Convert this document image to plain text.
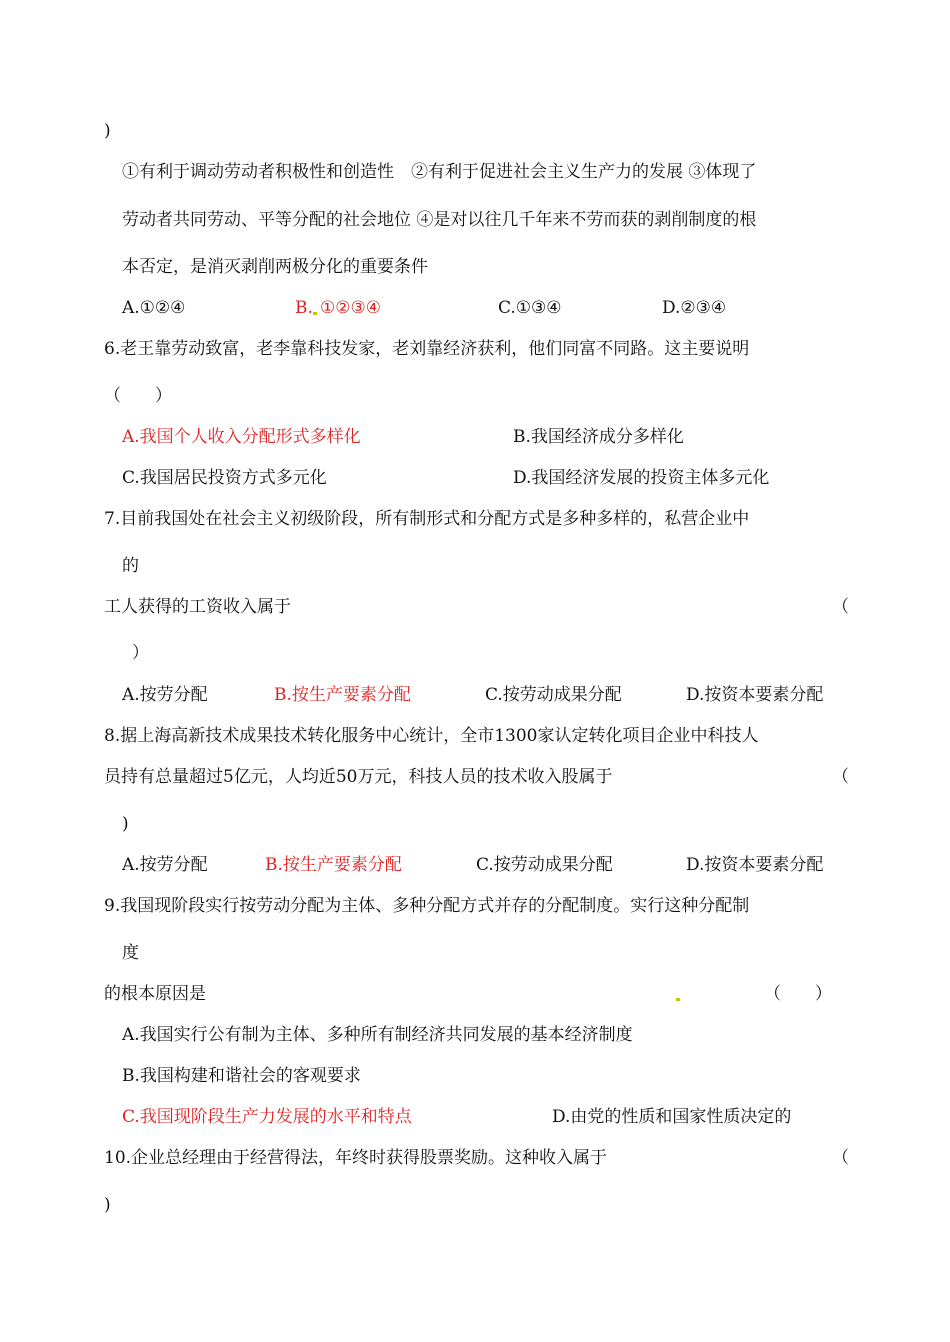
)
①有利于调动劳动者积极性和创造性　②有利于促进社会主义生产力的发展 ③体现了
劳动者共同劳动、平等分配的社会地位 ④是对以往几千年来不劳而获的剥削制度的根
本否定，是消灭剥削两极分化的重要条件
A.①②④	B. ①②③④	C.①③④	D.②③④
6.老王靠劳动致富，老李靠科技发家，老刘靠经济获利，他们同富不同路。这主要说明
（　　）
A.我国个人收入分配形式多样化	B.我国经济成分多样化
C.我国居民投资方式多元化	D.我国经济发展的投资主体多元化
7.目前我国处在社会主义初级阶段，所有制形式和分配方式是多种多样的，私营企业中
的
工人获得的工资收入属于	（
）
A.按劳分配	B.按生产要素分配	C.按劳动成果分配	D.按资本要素分配
8.据上海高新技术成果技术转化服务中心统计，全市1300家认定转化项目企业中科技人
员持有总量超过5亿元，人均近50万元，科技人员的技术收入股属于	（
)
A.按劳分配	B.按生产要素分配	C.按劳动成果分配	D.按资本要素分配
9.我国现阶段实行按劳动分配为主体、多种分配方式并存的分配制度。实行这种分配制
度
的根本原因是	（　　）
A.我国实行公有制为主体、多种所有制经济共同发展的基本经济制度
B.我国构建和谐社会的客观要求
C.我国现阶段生产力发展的水平和特点	D.由党的性质和国家性质决定的
10.企业总经理由于经营得法，年终时获得股票奖励。这种收入属于	（
)
